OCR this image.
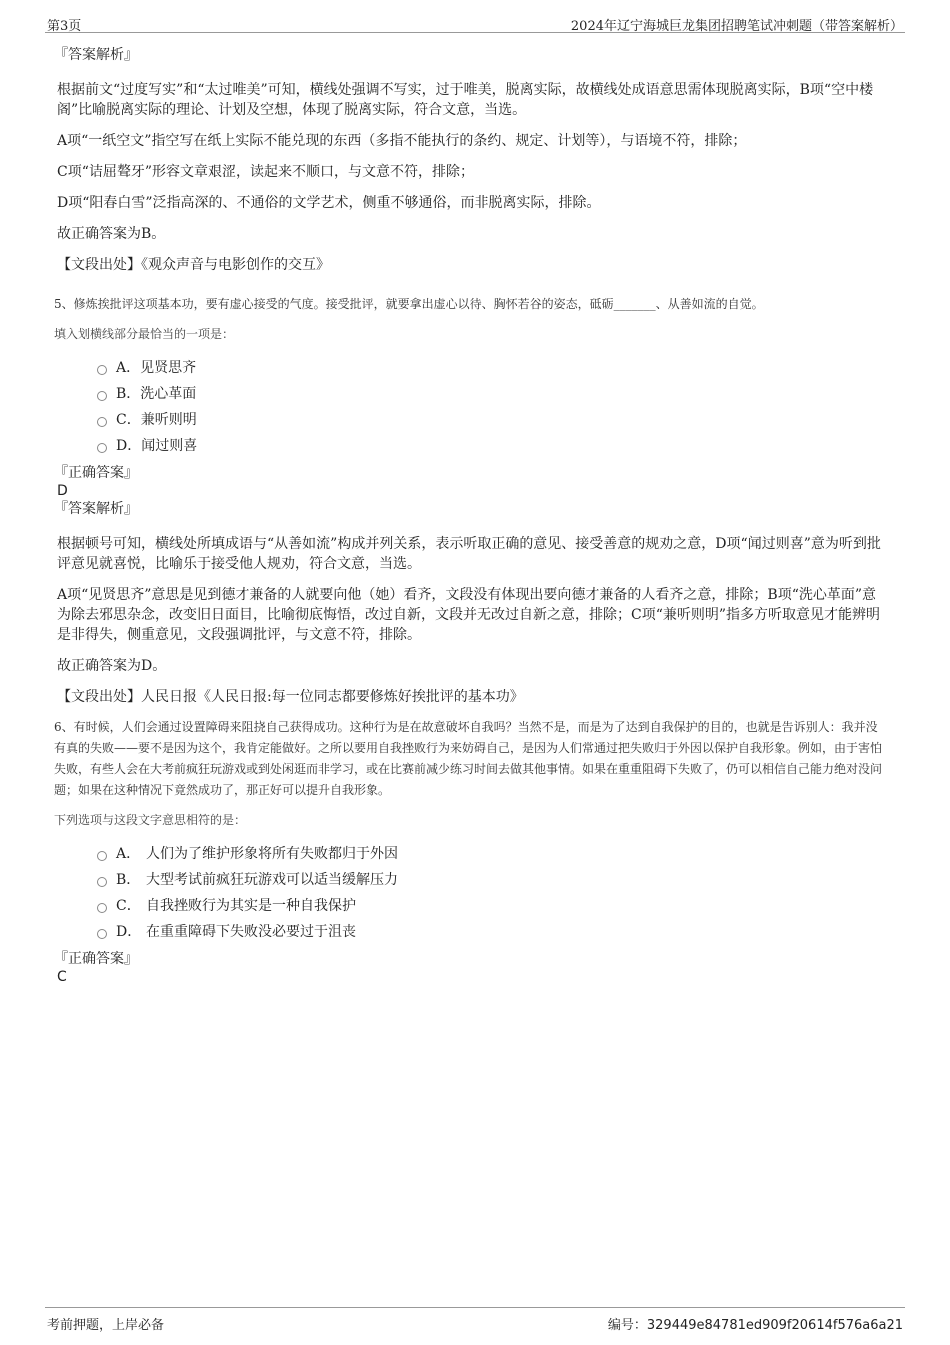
第3页	2024年辽宁海城巨龙集团招聘笔试冲刺题（带答案解析）

『答案解析』

根据前文“过度写实”和“太过唯美”可知，横线处强调不写实，过于唯美，脱离实际，故横线处成语意思需体现脱离实际，B项“空中楼阁”比喻脱离实际的理论、计划及空想，体现了脱离实际，符合文意，当选。

A项“一纸空文”指空写在纸上实际不能兑现的东西（多指不能执行的条约、规定、计划等），与语境不符，排除；

C项“诘屈聱牙”形容文章艰涩，读起来不顺口，与文意不符，排除；

D项“阳春白雪”泛指高深的、不通俗的文学艺术，侧重不够通俗，而非脱离实际，排除。

故正确答案为B。

【文段出处】《观众声音与电影创作的交互》

5、修炼挨批评这项基本功，要有虚心接受的气度。接受批评，就要拿出虚心以待、胸怀若谷的姿态，砥砺_______、从善如流的自觉。

填入划横线部分最恰当的一项是：

A．见贤思齐
B．洗心革面
C．兼听则明
D．闻过则喜

『正确答案』

D

『答案解析』

根据顿号可知，横线处所填成语与“从善如流”构成并列关系，表示听取正确的意见、接受善意的规劝之意，D项“闻过则喜”意为听到批评意见就喜悦，比喻乐于接受他人规劝，符合文意，当选。

A项“见贤思齐”意思是见到德才兼备的人就要向他（她）看齐，文段没有体现出要向德才兼备的人看齐之意，排除；B项“洗心革面”意为除去邪思杂念，改变旧日面目，比喻彻底悔悟，改过自新，文段并无改过自新之意，排除；C项“兼听则明”指多方听取意见才能辨明是非得失，侧重意见，文段强调批评，与文意不符，排除。

故正确答案为D。

【文段出处】人民日报《人民日报:每一位同志都要修炼好挨批评的基本功》

6、有时候，人们会通过设置障碍来阻挠自己获得成功。这种行为是在故意破坏自我吗？当然不是，而是为了达到自我保护的目的，也就是告诉别人：我并没有真的失败——要不是因为这个，我肯定能做好。之所以要用自我挫败行为来妨碍自己，是因为人们常通过把失败归于外因以保护自我形象。例如，由于害怕失败，有些人会在大考前疯狂玩游戏或到处闲逛而非学习，或在比赛前减少练习时间去做其他事情。如果在重重阻碍下失败了，仍可以相信自己能力绝对没问题；如果在这种情况下竟然成功了，那正好可以提升自我形象。

下列选项与这段文字意思相符的是：

A． 人们为了维护形象将所有失败都归于外因
B． 大型考试前疯狂玩游戏可以适当缓解压力
C． 自我挫败行为其实是一种自我保护
D． 在重重障碍下失败没必要过于沮丧

『正确答案』

C

考前押题，上岸必备	编号：329449e84781ed909f20614f576a6a21
